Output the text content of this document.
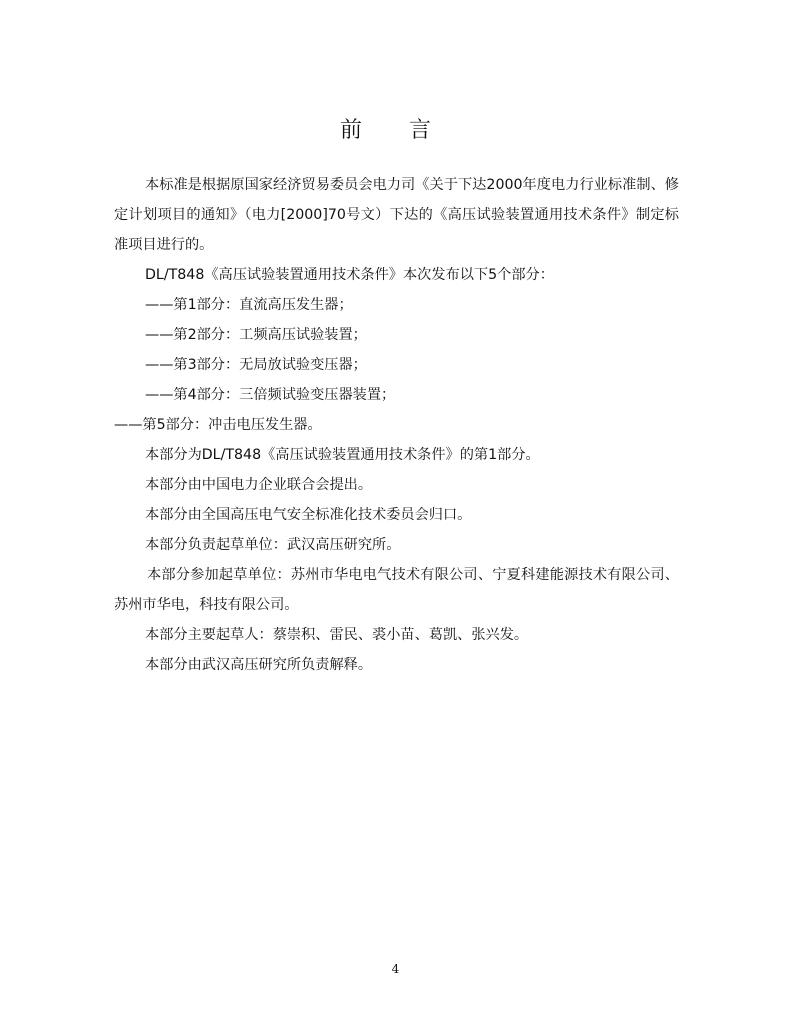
前 言

本标准是根据原国家经济贸易委员会电力司《关于下达2000年度电力行业标准制、修定计划项目的通知》（电力[2000]70号文）下达的《高压试验装置通用技术条件》制定标准项目进行的。

DL/T848《高压试验装置通用技术条件》本次发布以下5个部分：

——第1部分：直流高压发生器；

——第2部分：工频高压试验装置；

——第3部分：无局放试验变压器；

——第4部分：三倍频试验变压器装置；

——第5部分：冲击电压发生器。

本部分为DL/T848《高压试验装置通用技术条件》的第1部分。

本部分由中国电力企业联合会提出。

本部分由全国高压电气安全标准化技术委员会归口。

本部分负责起草单位：武汉高压研究所。

本部分参加起草单位：苏州市华电电气技术有限公司、宁夏科建能源技术有限公司、苏州市华电，科技有限公司。

本部分主要起草人：蔡崇积、雷民、裘小苗、葛凯、张兴发。

本部分由武汉高压研究所负责解释。

4
